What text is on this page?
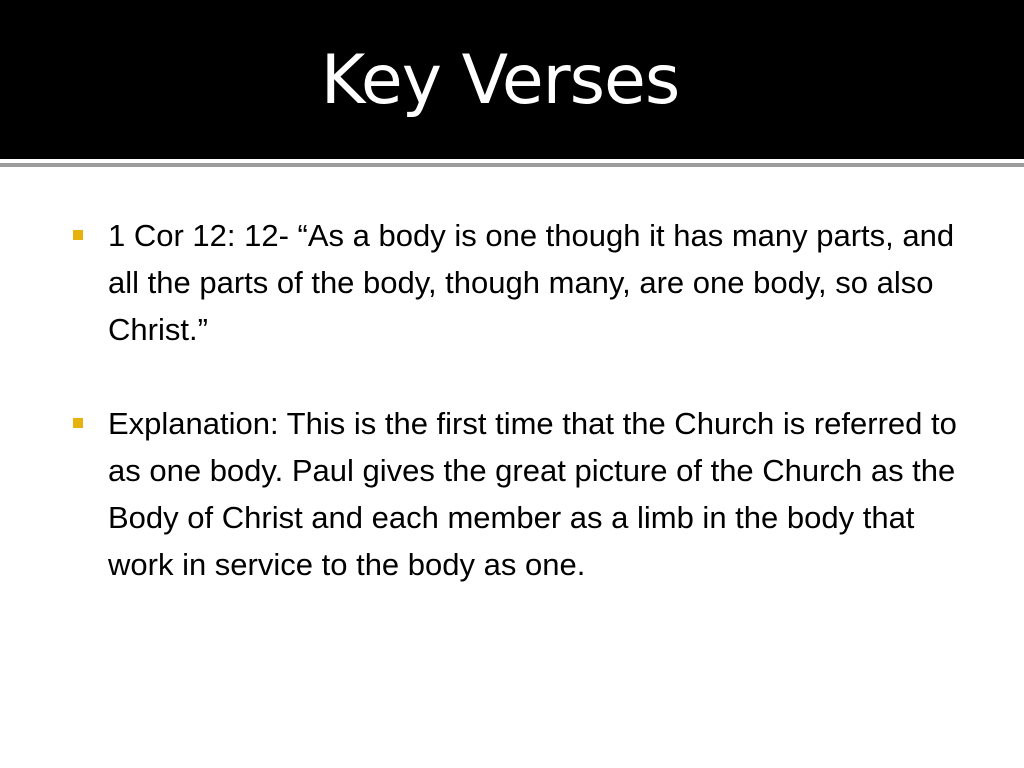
Key Verses
1 Cor 12: 12- “As a body is one though it has many parts, and all the parts of the body, though many, are one body, so also Christ.”
Explanation: This is the first time that the Church is referred to as one body. Paul gives the great picture of the Church as the Body of Christ and each member as a limb in the body that work in service to the body as one.
